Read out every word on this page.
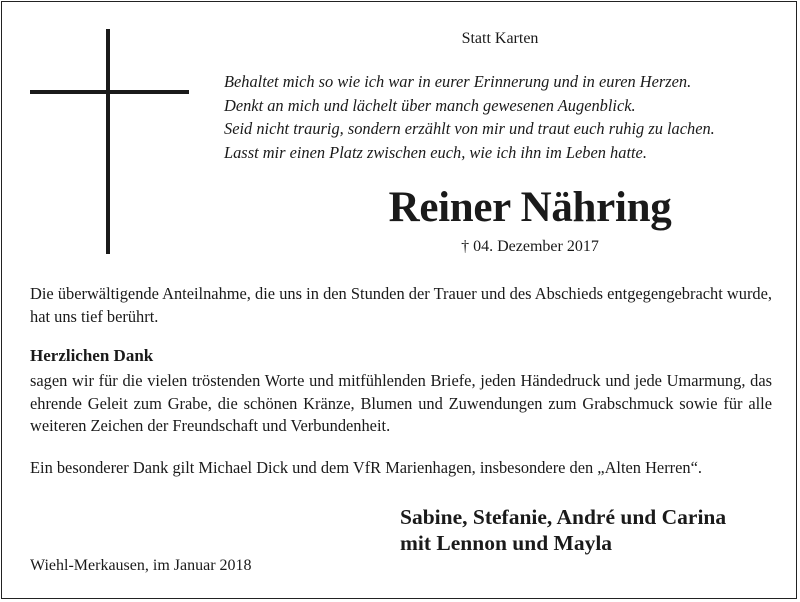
Statt Karten
Behaltet mich so wie ich war in eurer Erinnerung und in euren Herzen.
Denkt an mich und lächelt über manch gewesenen Augenblick.
Seid nicht traurig, sondern erzählt von mir und traut euch ruhig zu lachen.
Lasst mir einen Platz zwischen euch, wie ich ihn im Leben hatte.
Reiner Nähring
† 04. Dezember 2017
Die überwältigende Anteilnahme, die uns in den Stunden der Trauer und des Abschieds entgegengebracht wurde, hat uns tief berührt.
Herzlichen Dank
sagen wir für die vielen tröstenden Worte und mitfühlenden Briefe, jeden Händedruck und jede Umarmung, das ehrende Geleit zum Grabe, die schönen Kränze, Blumen und Zuwendungen zum Grabschmuck sowie für alle weiteren Zeichen der Freundschaft und Verbundenheit.
Ein besonderer Dank gilt Michael Dick und dem VfR Marienhagen, insbesondere den „Alten Herren“.
Sabine, Stefanie, André und Carina
mit Lennon und Mayla
Wiehl-Merkausen, im Januar 2018
